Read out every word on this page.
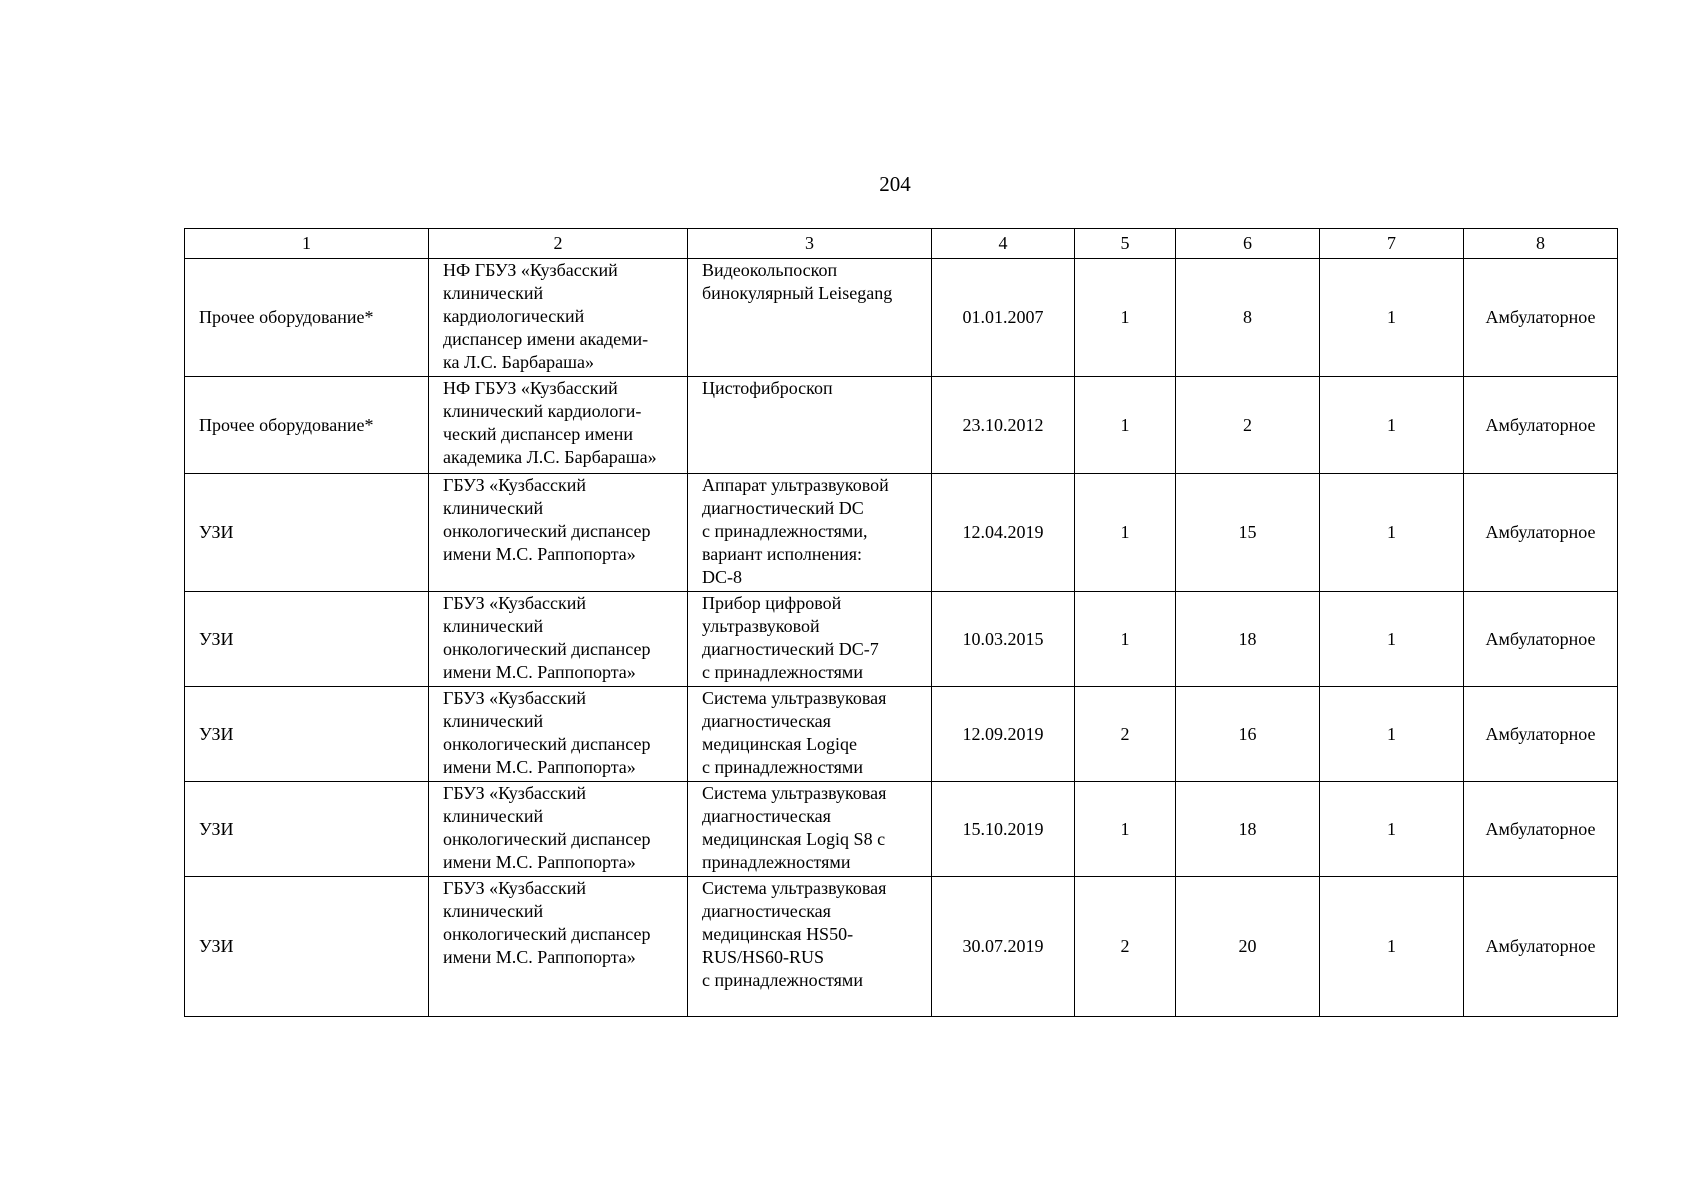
204
1	2	3	4	5	6	7	8
Прочее оборудование*	НФ ГБУЗ «Кузбасский
клинический
кардиологический
диспансер имени академи-
ка Л.С. Барбараша»	Видеокольпоскоп
бинокулярный Leisegang	01.01.2007	1	8	1	Амбулаторное
Прочее оборудование*	НФ ГБУЗ «Кузбасский
клинический кардиологи-
ческий диспансер имени
академика Л.С. Барбараша»	Цистофиброскоп	23.10.2012	1	2	1	Амбулаторное
УЗИ	ГБУЗ «Кузбасский
клинический
онкологический диспансер
имени М.С. Раппопорта»	Аппарат ультразвуковой
диагностический DC
с принадлежностями,
вариант исполнения:
DC-8	12.04.2019	1	15	1	Амбулаторное
УЗИ	ГБУЗ «Кузбасский
клинический
онкологический диспансер
имени М.С. Раппопорта»	Прибор цифровой
ультразвуковой
диагностический DC-7
с принадлежностями	10.03.2015	1	18	1	Амбулаторное
УЗИ	ГБУЗ «Кузбасский
клинический
онкологический диспансер
имени М.С. Раппопорта»	Система ультразвуковая
диагностическая
медицинская Logiqe
с принадлежностями	12.09.2019	2	16	1	Амбулаторное
УЗИ	ГБУЗ «Кузбасский
клинический
онкологический диспансер
имени М.С. Раппопорта»	Система ультразвуковая
диагностическая
медицинская Logiq S8 с
принадлежностями	15.10.2019	1	18	1	Амбулаторное
УЗИ	ГБУЗ «Кузбасский
клинический
онкологический диспансер
имени М.С. Раппопорта»	Система ультразвуковая
диагностическая
медицинская HS50-
RUS/HS60-RUS
с принадлежностями	30.07.2019	2	20	1	Амбулаторное
